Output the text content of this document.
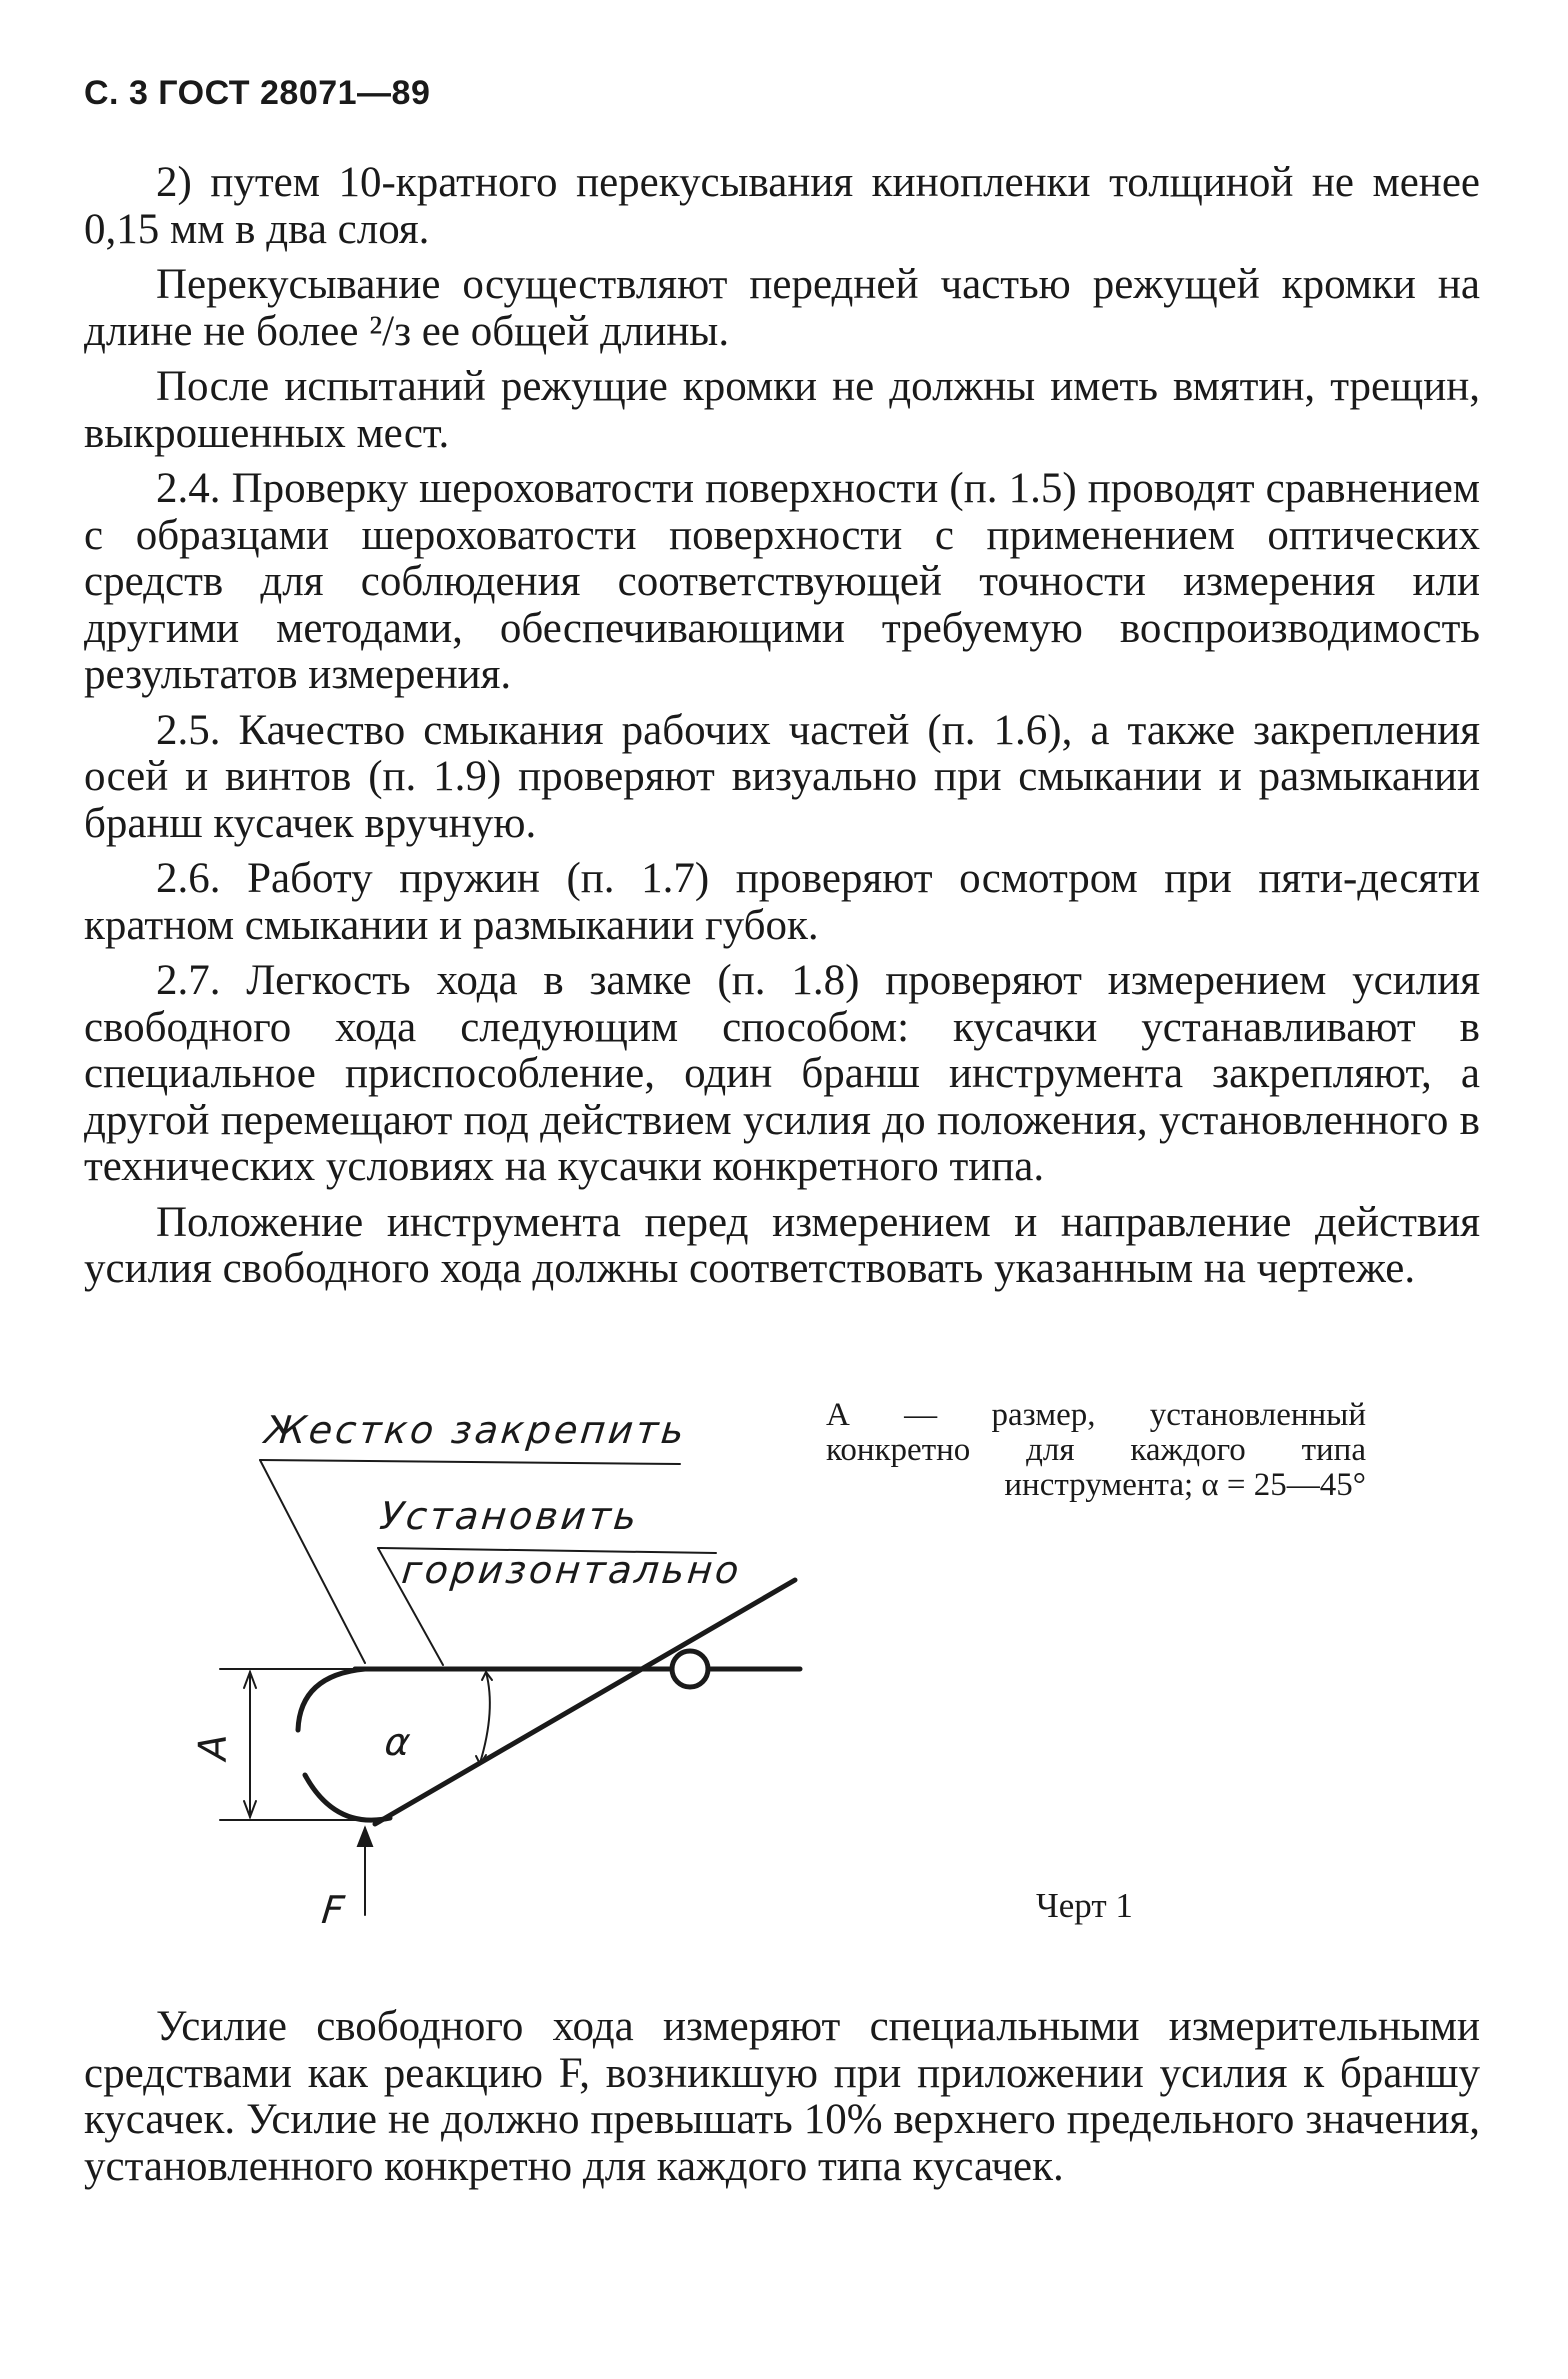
С. 3 ГОСТ 28071—89

2) путем 10-кратного перекусывания кинопленки толщиной не менее 0,15 мм в два слоя.

Перекусывание осуществляют передней частью режущей кромки на длине не более ²/з ее общей длины.

После испытаний режущие кромки не должны иметь вмятин, трещин, выкрошенных мест.

2.4. Проверку шероховатости поверхности (п. 1.5) проводят сравнением с образцами шероховатости поверхности с применением оптических средств для соблюдения соответствующей точности измерения или другими методами, обеспечивающими требуемую воспроизводимость результатов измерения.

2.5. Качество смыкания рабочих частей (п. 1.6), а также закрепления осей и винтов (п. 1.9) проверяют визуально при смыкании и размыкании бранш кусачек вручную.

2.6. Работу пружин (п. 1.7) проверяют осмотром при пяти-десяти кратном смыкании и размыкании губок.

2.7. Легкость хода в замке (п. 1.8) проверяют измерением усилия свободного хода следующим способом: кусачки устанавливают в специальное приспособление, один бранш инструмента закрепляют, а другой перемещают под действием усилия до положения, установленного в технических условиях на кусачки конкретного типа.

Положение инструмента перед измерением и направление действия усилия свободного хода должны соответствовать указанным на чертеже.

Жестко закрепить
Установить
горизонтально
А	α
F
А — размер, установленный конкретно для каждого типа инструмента; α = 25—45°
Черт 1

Усилие свободного хода измеряют специальными измерительными средствами как реакцию F, возникшую при приложении усилия к браншу кусачек. Усилие не должно превышать 10% верхнего предельного значения, установленного конкретно для каждого типа кусачек.
